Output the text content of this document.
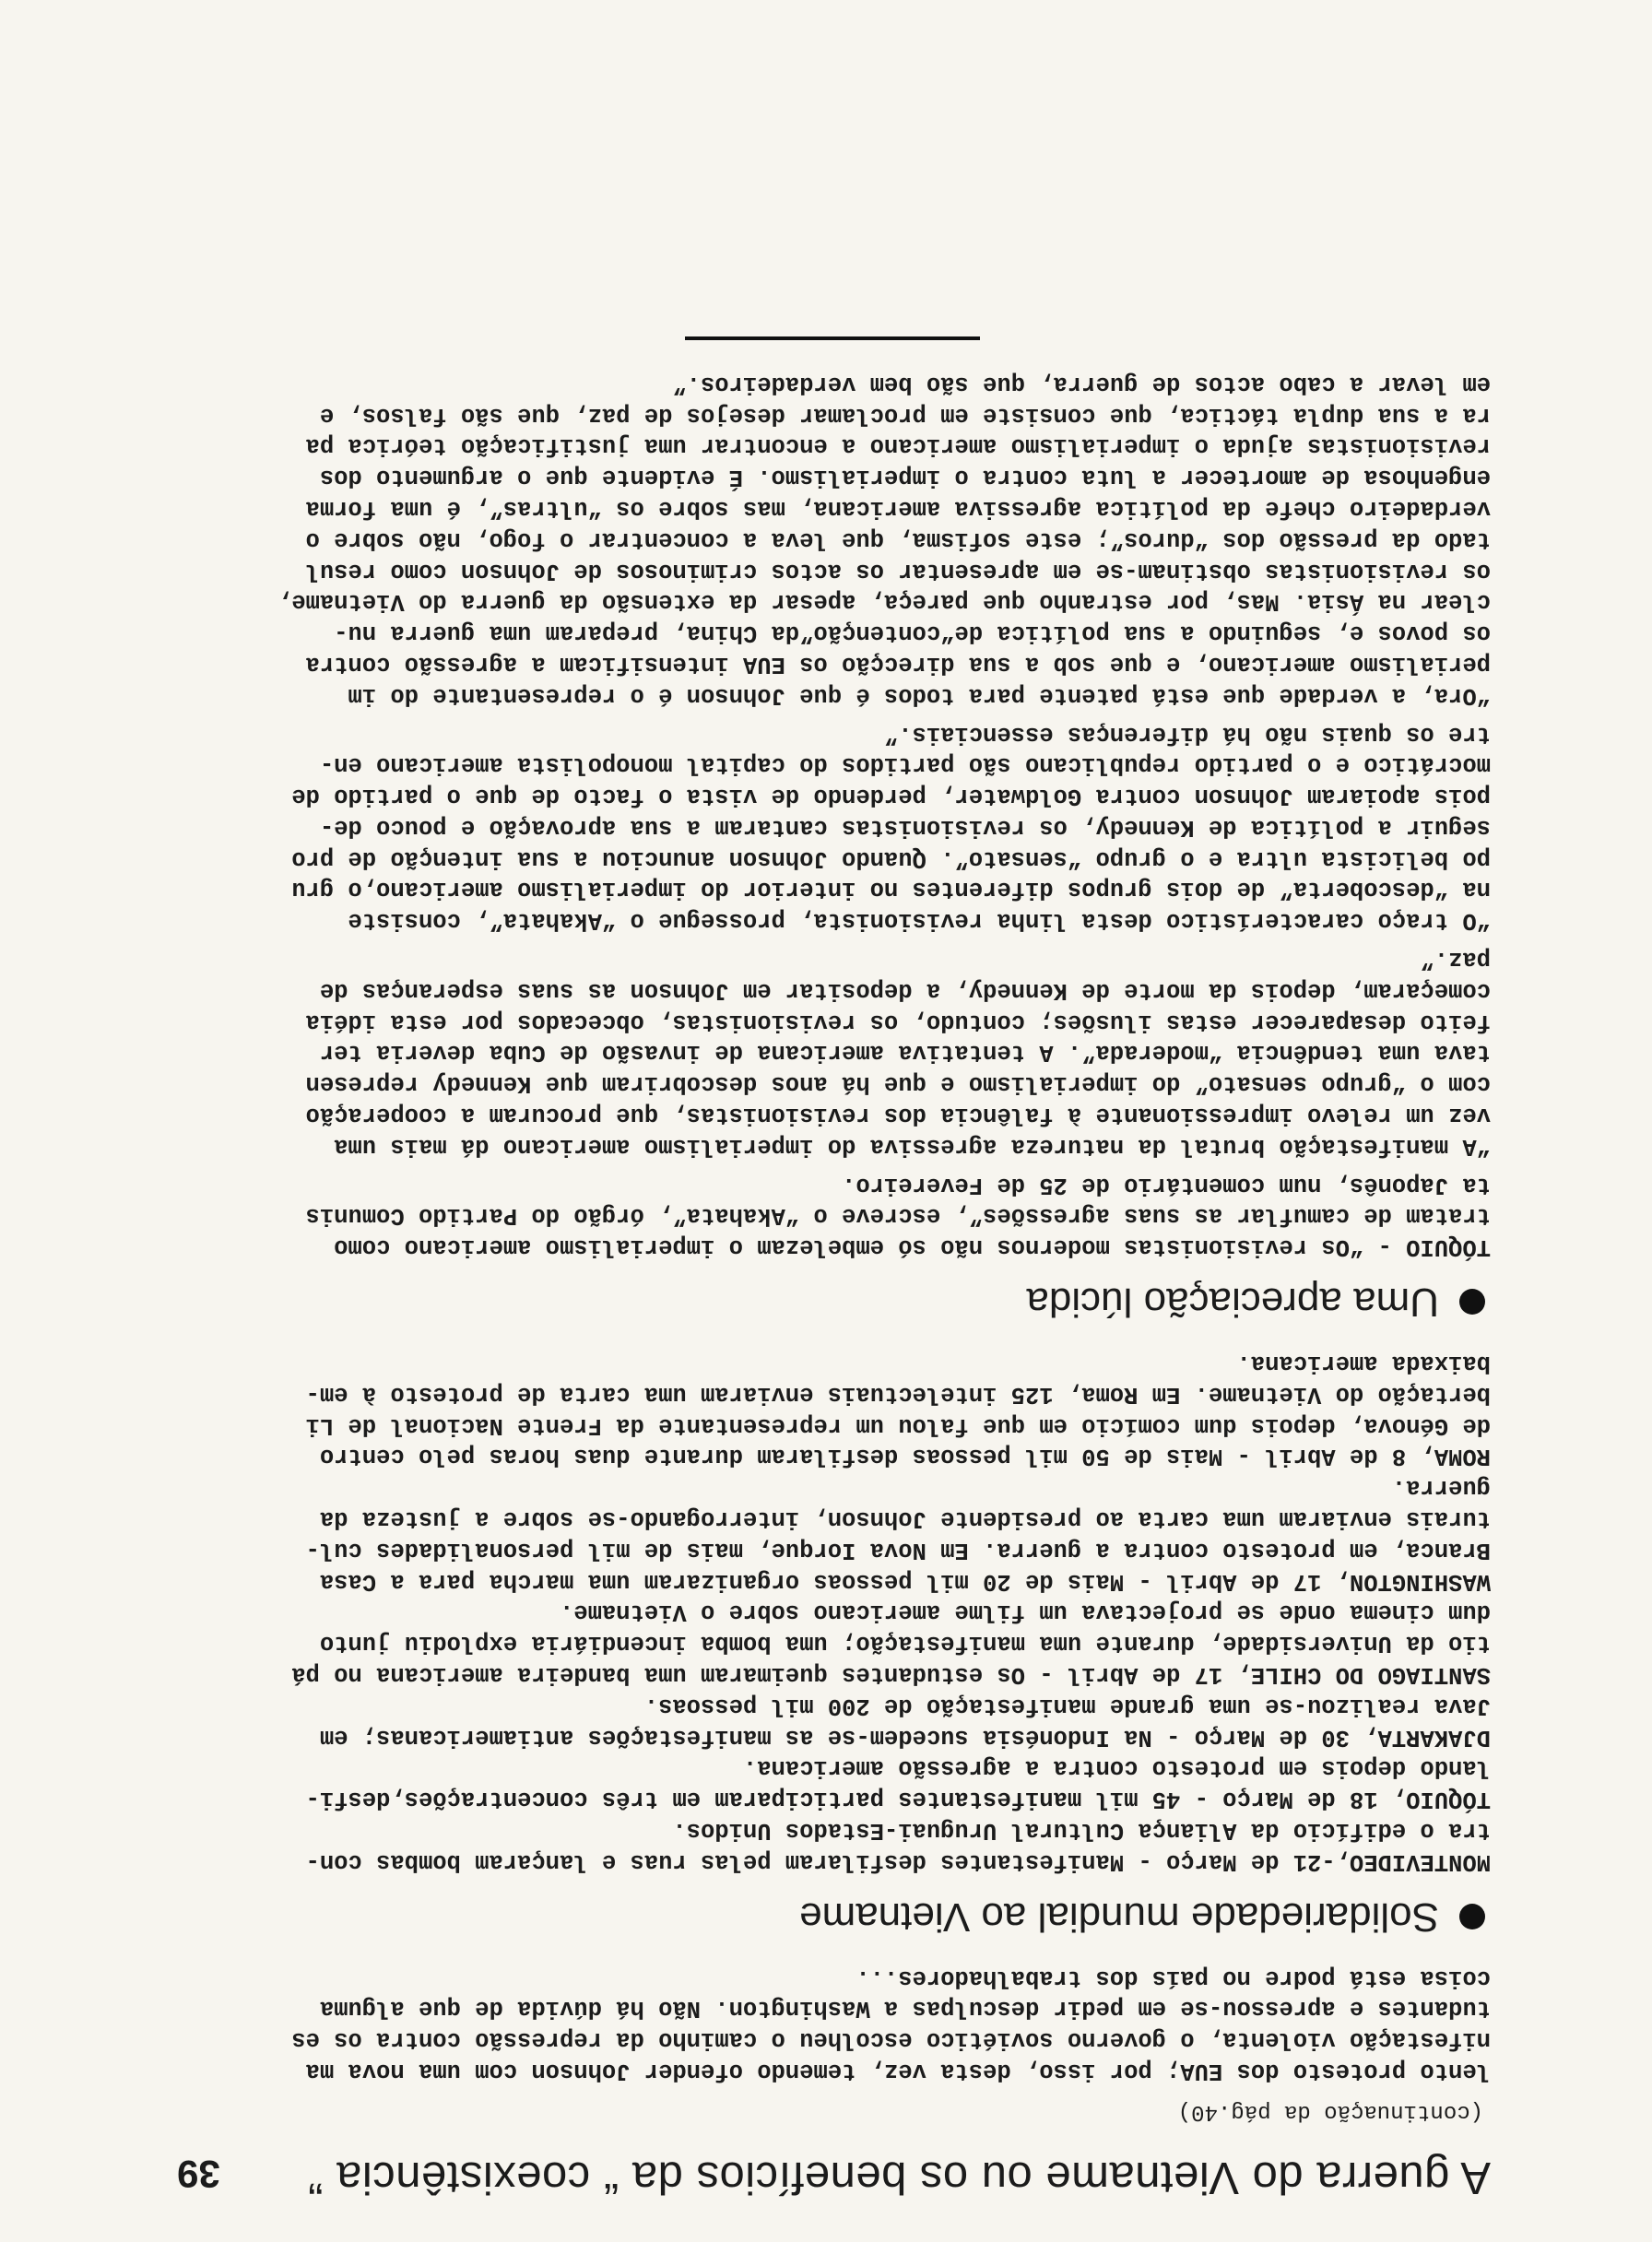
A guerra do Vietname ou os benefícios da “ coexistência ”
39
(continuação da pág.40)

lento protesto dos EUA; por isso, desta vez, temendo ofender Johnson com uma nova ma
nifestação violenta, o governo soviético escolheu o caminho da repressão contra os es
tudantes e apressou-se em pedir desculpas a Washington. Não há dúvida de que alguma
coisa está podre no país dos trabalhadores...

Solidariedade mundial ao Vietname

MONTEVIDEO,-21 de Março - Manifestantes desfilaram pelas ruas e lançaram bombas con-
tra o edifício da Aliança Cultural Uruguai-Estados Unidos.

TÓQUIO, 18 de Março - 45 mil manifestantes participaram em três concentrações,desfi-
lando depois em protesto contra a agressão americana.

DJAKARTA, 30 de Março - Na Indonésia sucedem-se as manifestações antiamericanas; em
Java realizou-se uma grande manifestação de 200 mil pessoas.

SANTIAGO DO CHILE, 17 de Abril - Os estudantes queimaram uma bandeira americana no pá
tio da Universidade, durante uma manifestação; uma bomba incendiária explodiu junto
dum cinema onde se projectava um filme americano sobre o Vietname.

WASHINGTON, 17 de Abril - Mais de 20 mil pessoas organizaram uma marcha para a Casa
Branca, em protesto contra a guerra. Em Nova Iorque, mais de mil personalidades cul-
turais enviaram uma carta ao presidente Johnson, interrogando-se sobre a justeza da
guerra.

ROMA, 8 de Abril - Mais de 50 mil pessoas desfilaram durante duas horas pelo centro
de Génova, depois dum comício em que falou um representante da Frente Nacional de Li
bertação do Vietname. Em Roma, 125 intelectuais enviaram uma carta de protesto à em-
baixada americana.

Uma apreciação lúcida

TÓQUIO - “Os revisionistas modernos não só embelezam o imperialismo americano como
tratam de camuflar as suas agressões”, escreve o “Akahata”, órgão do Partido Comunis
ta Japonês, num comentário de 25 de Fevereiro.

“A manifestação brutal da natureza agressiva do imperialismo americano dá mais uma
vez um relevo impressionante à falência dos revisionistas, que procuram a cooperação
com o “grupo sensato” do imperialismo e que há anos descobriram que Kennedy represen
tava uma tendência “moderada”. A tentativa americana de invasão de Cuba deveria ter
feito desaparecer estas ilusões; contudo, os revisionistas, obcecados por esta idéia
começaram, depois da morte de Kennedy, a depositar em Johnson as suas esperanças de
paz.”

“O traço característico desta linha revisionista, prossegue o “Akahata”, consiste
na “descoberta” de dois grupos diferentes no interior do imperialismo americano,o gru
po belicista ultra e o grupo “sensato”. Quando Johnson anunciou a sua intenção de pro
seguir a política de Kennedy, os revisionistas cantaram a sua aprovação e pouco de-
pois apoiaram Johnson contra Goldwater, perdendo de vista o facto de que o partido de
mocrático e o partido republicano são partidos do capital monopolista americano en-
tre os quais não há diferenças essenciais.”

“Ora, a verdade que está patente para todos é que Johnson é o representante do im
perialismo americano, e que sob a sua direcção os EUA intensificam a agressão contra
os povos e, seguindo a sua política de“contenção”da China, preparam uma guerra nu-
clear na Ásia. Mas, por estranho que pareça, apesar da extensão da guerra do Vietname,
os revisionistas obstinam-se em apresentar os actos criminosos de Johnson como resul
tado da pressão dos “duros”; este sofisma, que leva a concentrar o fogo, não sobre o
verdadeiro chefe da política agressiva americana, mas sobre os “ultras”, é uma forma
engenhosa de amortecer a luta contra o imperialismo. É evidente que o argumento dos
revisionistas ajuda o imperialismo americano a encontrar uma justificação teórica pa
ra a sua dupla táctica, que consiste em proclamar desejos de paz, que são falsos, e
em levar a cabo actos de guerra, que são bem verdadeiros.”
